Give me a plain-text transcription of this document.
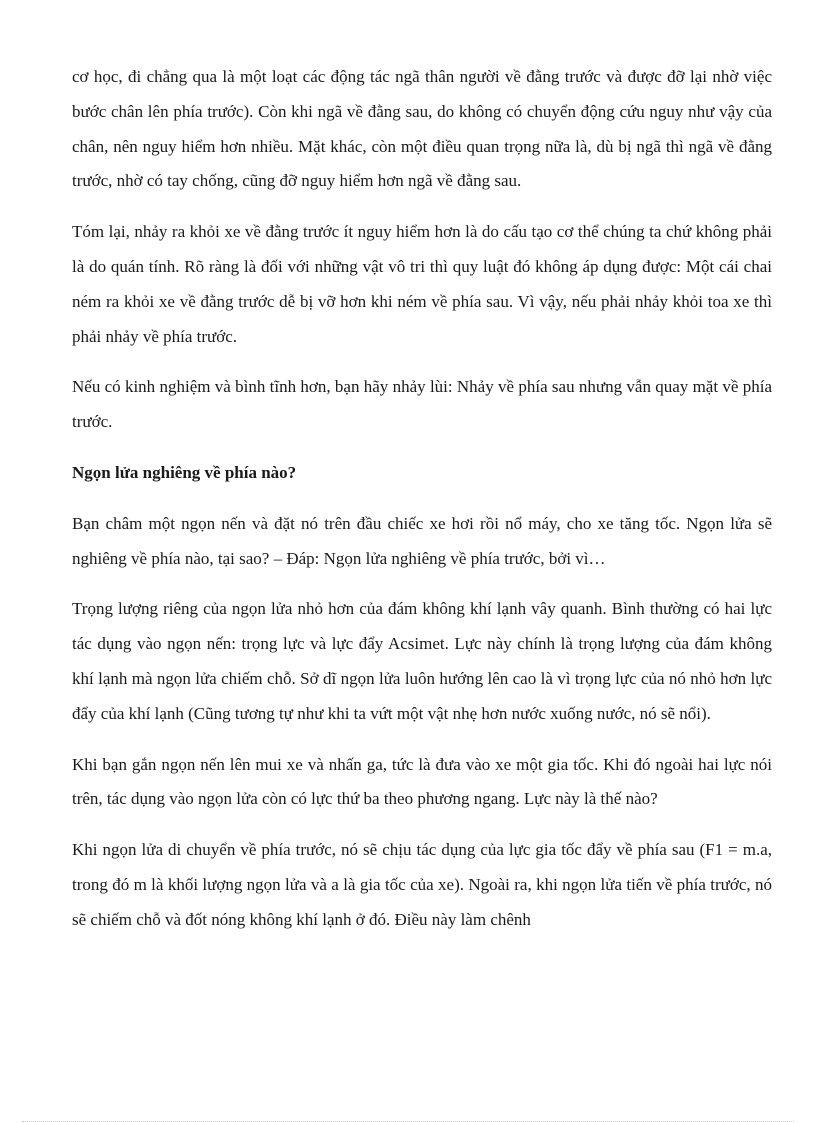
cơ học, đi chẳng qua là một loạt các động tác ngã thân người về đằng trước và được đỡ lại nhờ việc bước chân lên phía trước). Còn khi ngã về đằng sau, do không có chuyển động cứu nguy như vậy của chân, nên nguy hiểm hơn nhiều. Mặt khác, còn một điều quan trọng nữa là, dù bị ngã thì ngã về đằng trước, nhờ có tay chống, cũng đỡ nguy hiểm hơn ngã về đằng sau.

Tóm lại, nhảy ra khỏi xe về đằng trước ít nguy hiểm hơn là do cấu tạo cơ thể chúng ta chứ không phải là do quán tính. Rõ ràng là đối với những vật vô tri thì quy luật đó không áp dụng được: Một cái chai ném ra khỏi xe về đằng trước dễ bị vỡ hơn khi ném về phía sau. Vì vậy, nếu phải nhảy khỏi toa xe thì phải nhảy về phía trước.

Nếu có kinh nghiệm và bình tĩnh hơn, bạn hãy nhảy lùi: Nhảy về phía sau nhưng vẫn quay mặt về phía trước.

Ngọn lửa nghiêng về phía nào?

Bạn châm một ngọn nến và đặt nó trên đầu chiếc xe hơi rồi nổ máy, cho xe tăng tốc. Ngọn lửa sẽ nghiêng về phía nào, tại sao? – Đáp: Ngọn lửa nghiêng về phía trước, bởi vì…

Trọng lượng riêng của ngọn lửa nhỏ hơn của đám không khí lạnh vây quanh. Bình thường có hai lực tác dụng vào ngọn nến: trọng lực và lực đẩy Acsimet. Lực này chính là trọng lượng của đám không khí lạnh mà ngọn lửa chiếm chỗ. Sở dĩ ngọn lửa luôn hướng lên cao là vì trọng lực của nó nhỏ hơn lực đẩy của khí lạnh (Cũng tương tự như khi ta vứt một vật nhẹ hơn nước xuống nước, nó sẽ nổi).

Khi bạn gắn ngọn nến lên mui xe và nhấn ga, tức là đưa vào xe một gia tốc. Khi đó ngoài hai lực nói trên, tác dụng vào ngọn lửa còn có lực thứ ba theo phương ngang. Lực này là thế nào?

Khi ngọn lửa di chuyển về phía trước, nó sẽ chịu tác dụng của lực gia tốc đẩy về phía sau (F1 = m.a, trong đó m là khối lượng ngọn lửa và a là gia tốc của xe). Ngoài ra, khi ngọn lửa tiến về phía trước, nó sẽ chiếm chỗ và đốt nóng không khí lạnh ở đó. Điều này làm chênh
